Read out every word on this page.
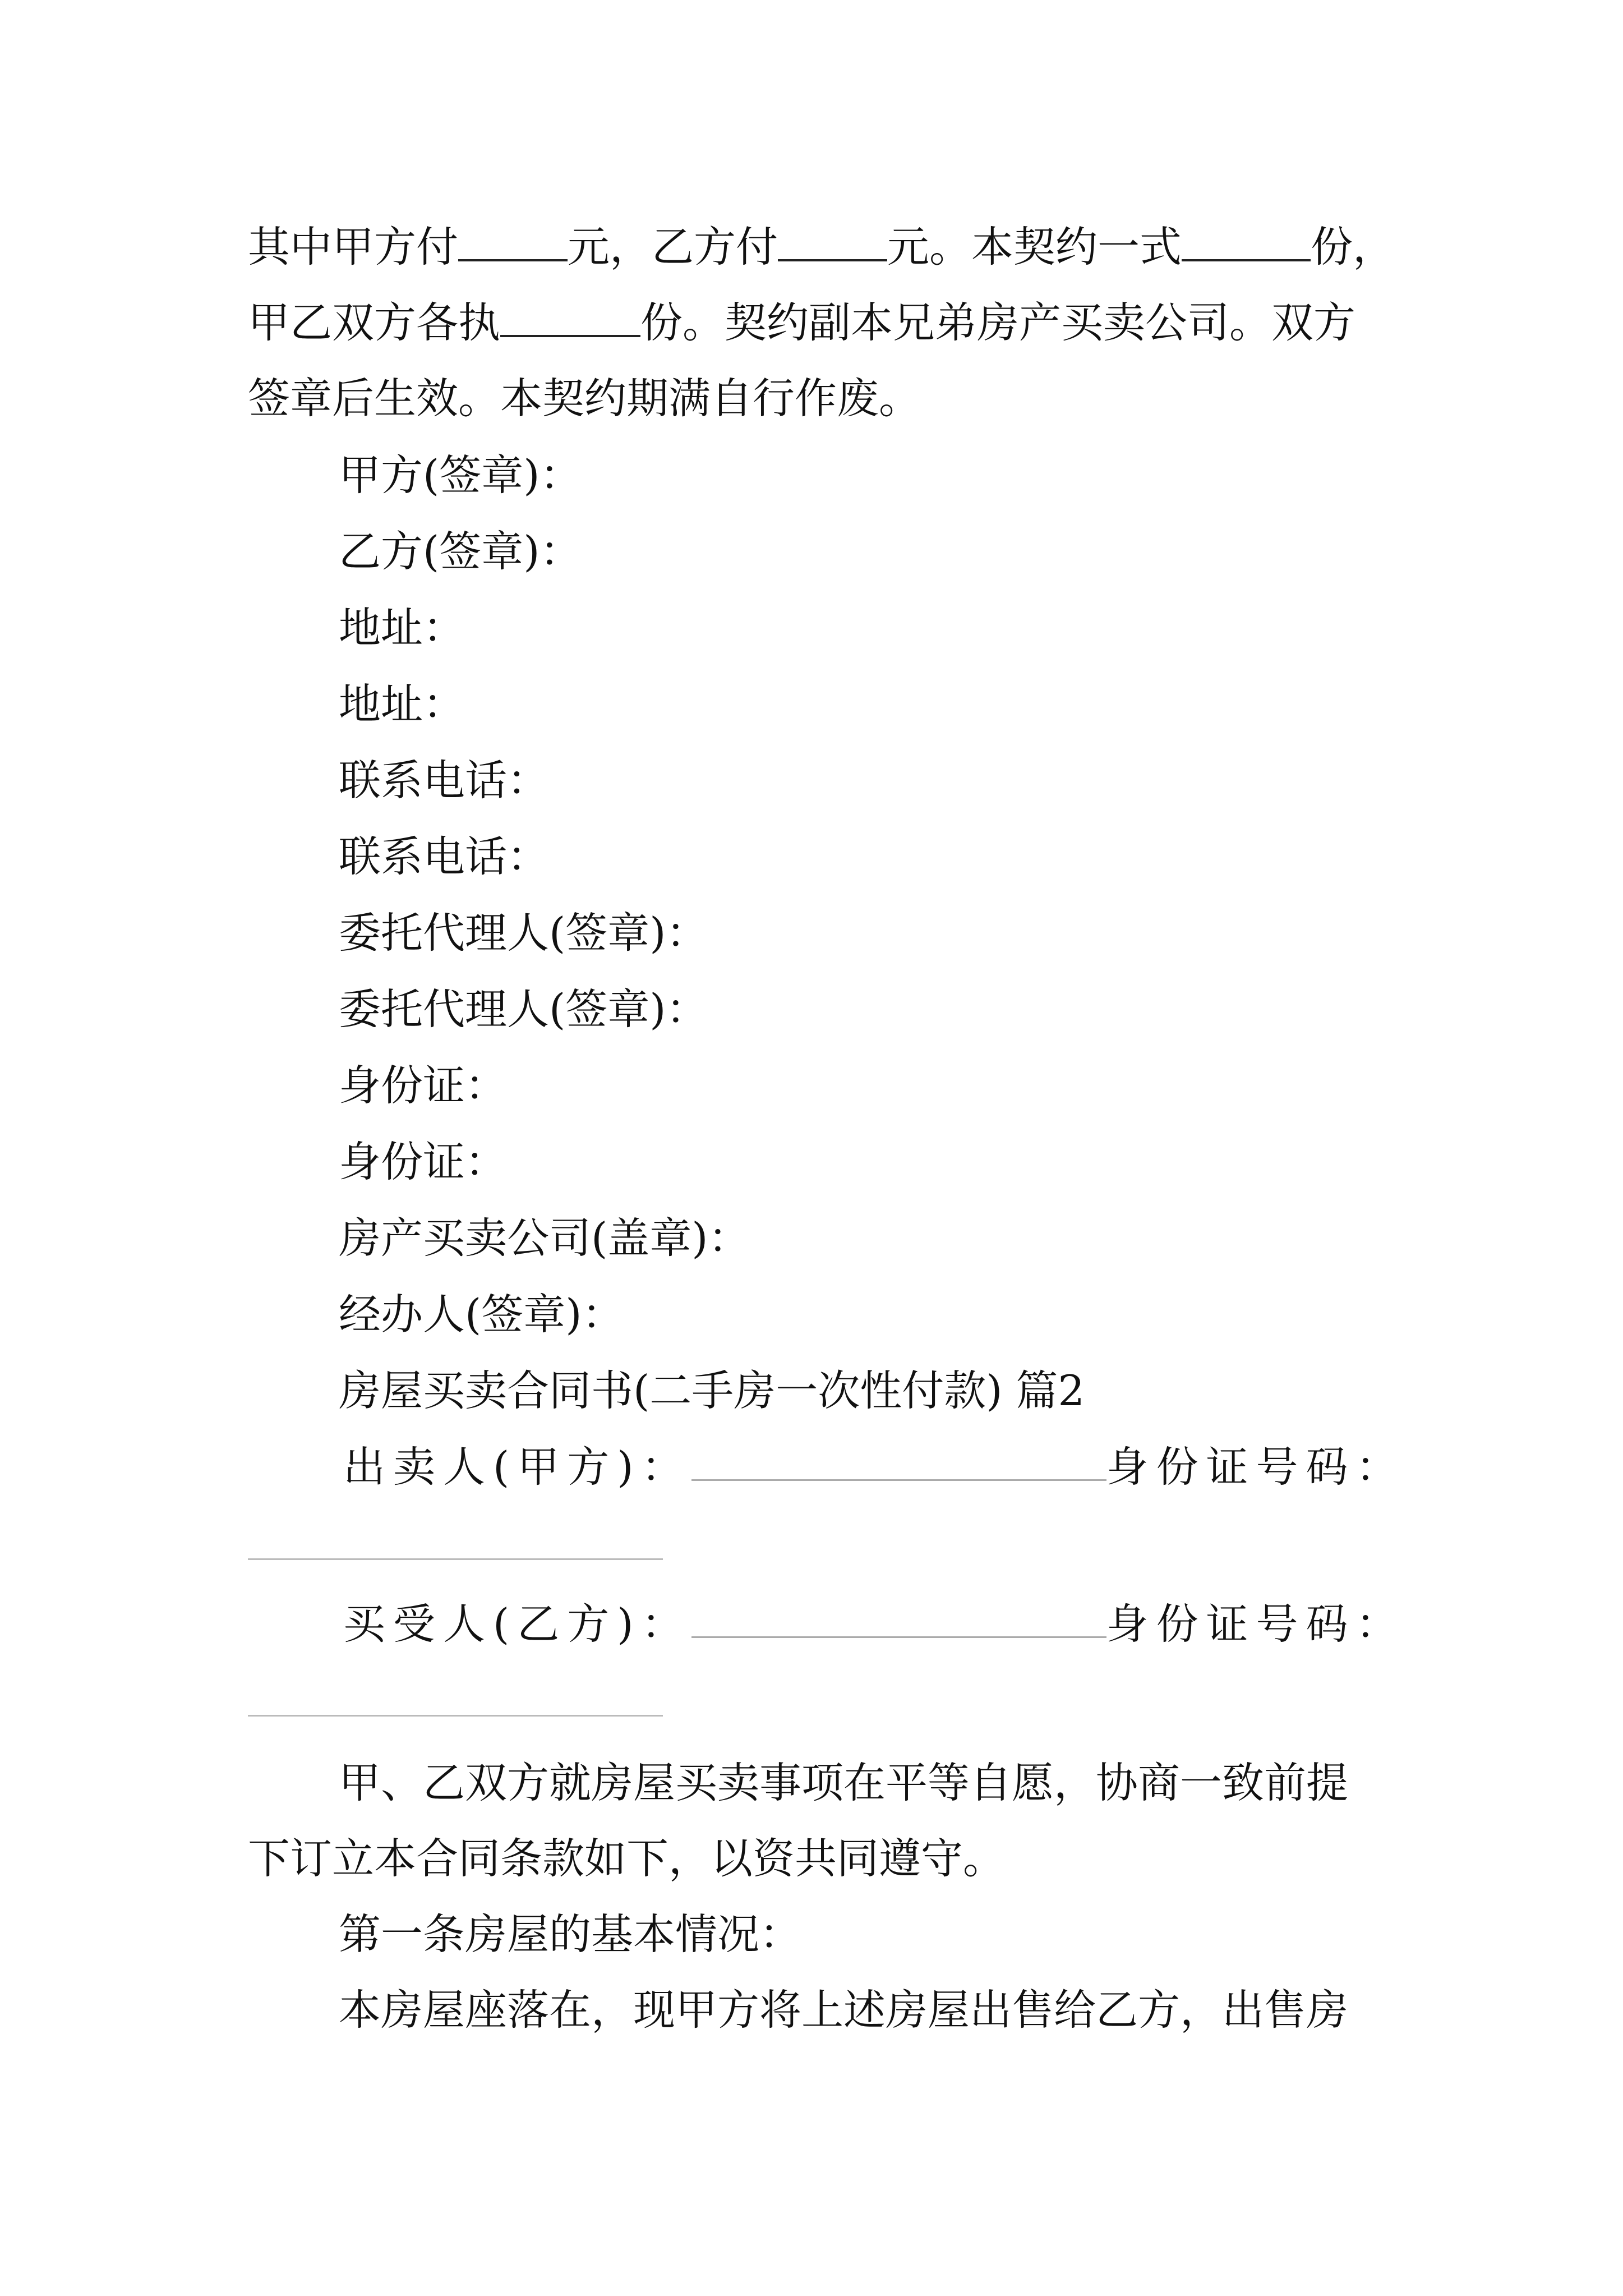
其中甲方付	元，乙方付	元。本契约一式	份，
甲乙双方各执	份。契约副本兄弟房产买卖公司。双方
签章后生效。本契约期满自行作废。
甲方(签章)：
乙方(签章)：
地址：
地址：
联系电话：
联系电话：
委托代理人(签章)：
委托代理人(签章)：
身份证：
身份证：
房产买卖公司(盖章)：
经办人(签章)：
房屋买卖合同书(二手房一次性付款) 篇2
出卖人(甲方)：	身份证号码：
买受人(乙方)：	身份证号码：
甲、乙双方就房屋买卖事项在平等自愿，协商一致前提
下订立本合同条款如下，以资共同遵守。
第一条房屋的基本情况：
本房屋座落在，现甲方将上述房屋出售给乙方，出售房
